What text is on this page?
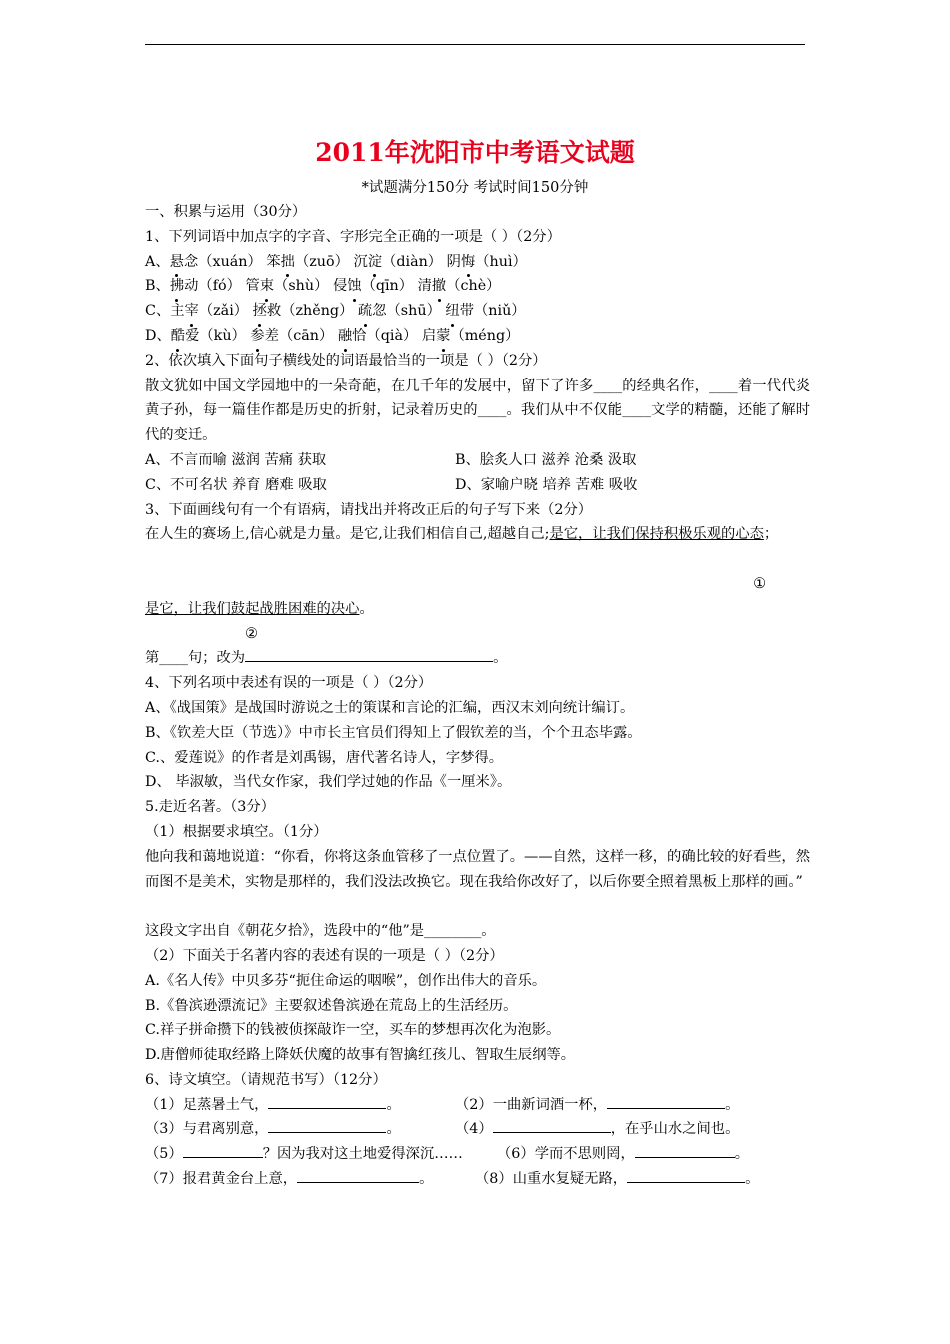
2011年沈阳市中考语文试题
*试题满分150分 考试时间150分钟
一、积累与运用（30分）
1、下列词语中加点字的字音、字形完全正确的一项是（ ）（2分）
A、悬念（xuán） 笨拙（zuō） 沉淀（diàn） 阴悔（huì）
B、拂动（fó） 管束（shù） 侵蚀（qīn） 清撤（chè）
C、主宰（zǎi） 拯救（zhěng） 疏忽（shū） 纽带（niǔ）
D、酷爱（kù） 参差（cān） 融恰（qià） 启蒙（méng）
2、依次填入下面句子横线处的词语最恰当的一项是（ ）（2分）
散文犹如中国文学园地中的一朵奇葩，在几千年的发展中，留下了许多____的经典名作，____着一代代炎黄子孙，每一篇佳作都是历史的折射，记录着历史的____。我们从中不仅能____文学的精髓，还能了解时代的变迁。
A、不言而喻 滋润 苦痛 获取	B、脍炙人口 滋养 沧桑 汲取
C、不可名状 养育 磨难 吸取	D、家喻户晓 培养 苦难 吸收
3、下面画线句有一个有语病，请找出并将改正后的句子写下来（2分）
在人生的赛场上,信心就是力量。是它,让我们相信自己,超越自己;是它，让我们保持积极乐观的心态；
①
是它，让我们鼓起战胜困难的决心。
②
第____句；改为	。
4、下列名项中表述有误的一项是（ ）（2分）
A、《战国策》是战国时游说之士的策谋和言论的汇编，西汉末刘向统计编订。
B、《钦差大臣（节选）》中市长主官员们得知上了假钦差的当，个个丑态毕露。
C.、爱莲说》的作者是刘禹锡，唐代著名诗人，字梦得。
D、 毕淑敏，当代女作家，我们学过她的作品《一厘米》。
5.走近名著。（3分）
（1）根据要求填空。（1分）
他向我和蔼地说道：“你看，你将这条血管移了一点位置了。——自然，这样一移，的确比较的好看些，然而图不是美术，实物是那样的，我们没法改换它。现在我给你改好了，以后你要全照着黑板上那样的画。”
这段文字出自《朝花夕拾》，选段中的“他”是________。
（2）下面关于名著内容的表述有误的一项是（ ）（2分）
A.《名人传》中贝多芬“扼住命运的咽喉”，创作出伟大的音乐。
B.《鲁滨逊漂流记》主要叙述鲁滨逊在荒岛上的生活经历。
C.祥子拼命攒下的钱被侦探敲诈一空，买车的梦想再次化为泡影。
D.唐僧师徒取经路上降妖伏魔的故事有智擒红孩儿、智取生辰纲等。
6、诗文填空。（请规范书写）（12分）
（1）足蒸暑土气，	。	（2）一曲新词酒一杯，	。
（3）与君离别意，	。	（4）	，在乎山水之间也。
（5）	？因为我对这土地爱得深沉…… （6）学而不思则罔，	。
（7）报君黄金台上意，	。	（8）山重水复疑无路，	。
